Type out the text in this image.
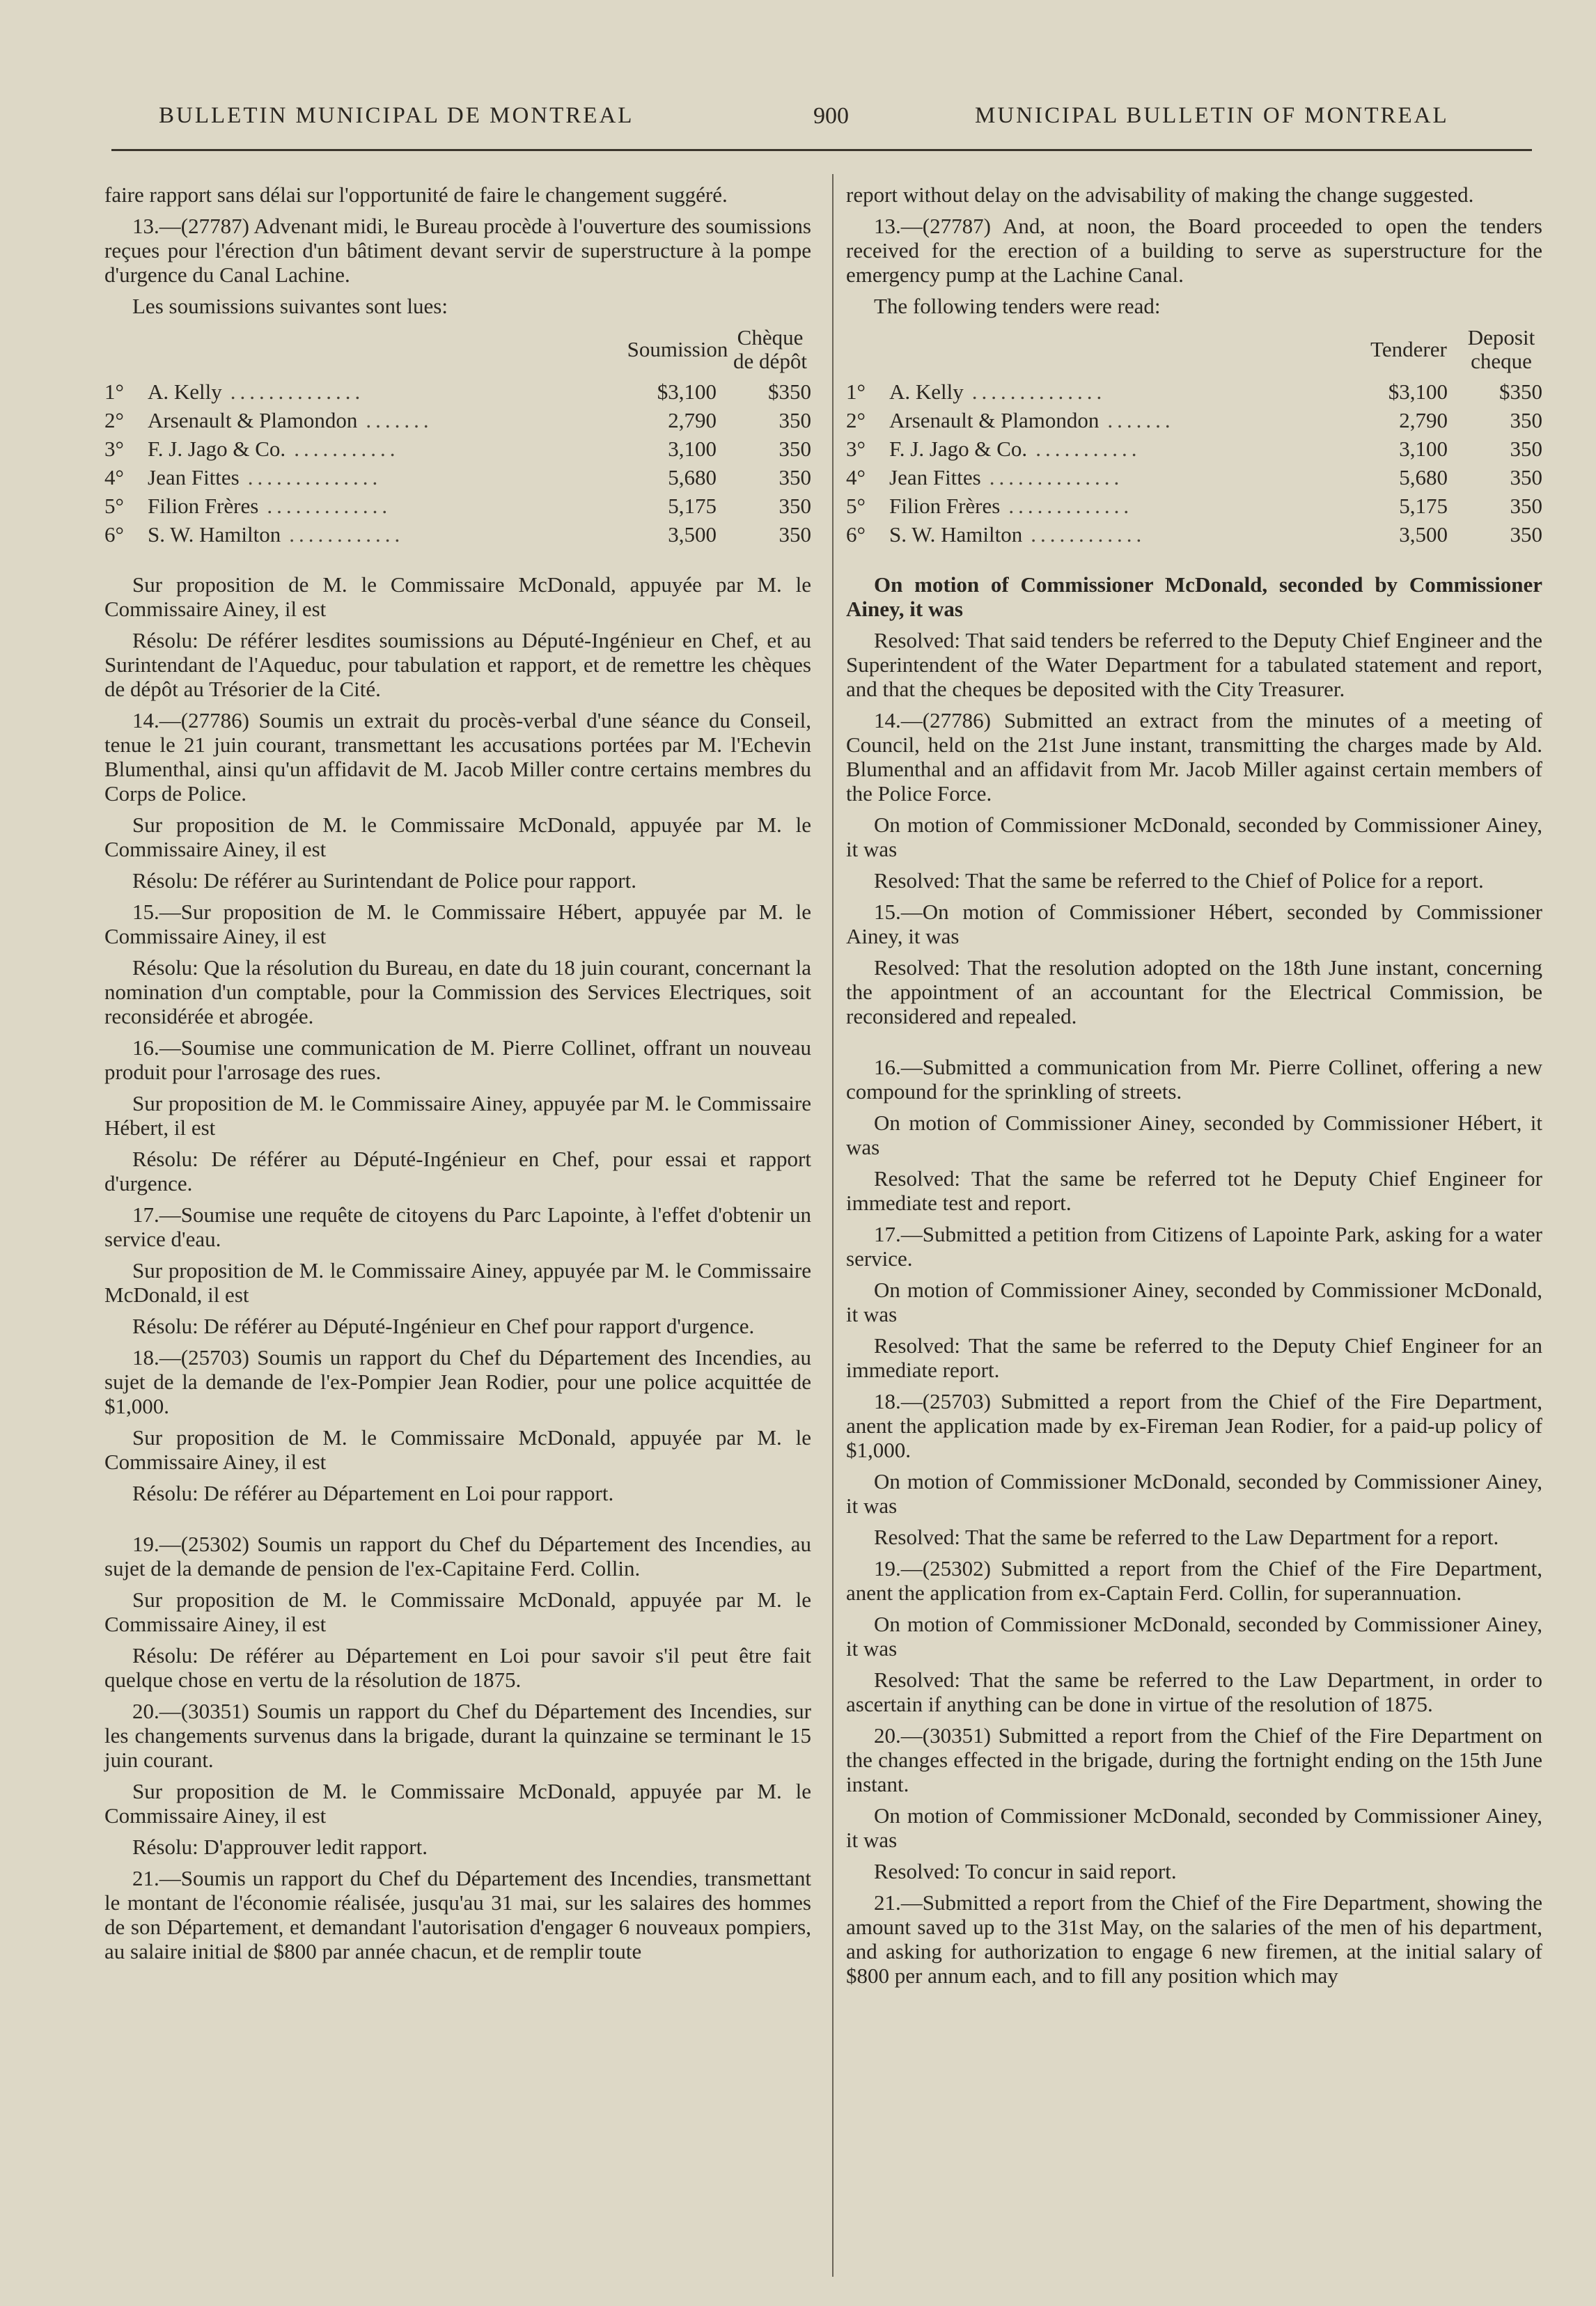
BULLETIN MUNICIPAL DE MONTREAL	900	MUNICIPAL BULLETIN OF MONTREAL

faire rapport sans délai sur l'opportunité de faire le changement suggéré.

13.—(27787) Advenant midi, le Bureau procède à l'ouverture des soumissions reçues pour l'érection d'un bâtiment devant servir de superstructure à la pompe d'urgence du Canal Lachine.

Les soumissions suivantes sont lues:

		Soumission	Chèque de dépôt
1°	A. Kelly ..............	$3,100	$350
2°	Arsenault & Plamondon .......	2,790	350
3°	F. J. Jago & Co. ...........	3,100	350
4°	Jean Fittes ..............	5,680	350
5°	Filion Frères .............	5,175	350
6°	S. W. Hamilton ............	3,500	350

Sur proposition de M. le Commissaire McDonald, appuyée par M. le Commissaire Ainey, il est

Résolu: De référer lesdites soumissions au Député-Ingénieur en Chef, et au Surintendant de l'Aqueduc, pour tabulation et rapport, et de remettre les chèques de dépôt au Trésorier de la Cité.

14.—(27786) Soumis un extrait du procès-verbal d'une séance du Conseil, tenue le 21 juin courant, transmettant les accusations portées par M. l'Echevin Blumenthal, ainsi qu'un affidavit de M. Jacob Miller contre certains membres du Corps de Police.

Sur proposition de M. le Commissaire McDonald, appuyée par M. le Commissaire Ainey, il est

Résolu: De référer au Surintendant de Police pour rapport.

15.—Sur proposition de M. le Commissaire Hébert, appuyée par M. le Commissaire Ainey, il est

Résolu: Que la résolution du Bureau, en date du 18 juin courant, concernant la nomination d'un comptable, pour la Commission des Services Electriques, soit reconsidérée et abrogée.

16.—Soumise une communication de M. Pierre Collinet, offrant un nouveau produit pour l'arrosage des rues.

Sur proposition de M. le Commissaire Ainey, appuyée par M. le Commissaire Hébert, il est

Résolu: De référer au Député-Ingénieur en Chef, pour essai et rapport d'urgence.

17.—Soumise une requête de citoyens du Parc Lapointe, à l'effet d'obtenir un service d'eau.

Sur proposition de M. le Commissaire Ainey, appuyée par M. le Commissaire McDonald, il est

Résolu: De référer au Député-Ingénieur en Chef pour rapport d'urgence.

18.—(25703) Soumis un rapport du Chef du Département des Incendies, au sujet de la demande de l'ex-Pompier Jean Rodier, pour une police acquittée de $1,000.

Sur proposition de M. le Commissaire McDonald, appuyée par M. le Commissaire Ainey, il est

Résolu: De référer au Département en Loi pour rapport.

19.—(25302) Soumis un rapport du Chef du Département des Incendies, au sujet de la demande de pension de l'ex-Capitaine Ferd. Collin.

Sur proposition de M. le Commissaire McDonald, appuyée par M. le Commissaire Ainey, il est

Résolu: De référer au Département en Loi pour savoir s'il peut être fait quelque chose en vertu de la résolution de 1875.

20.—(30351) Soumis un rapport du Chef du Département des Incendies, sur les changements survenus dans la brigade, durant la quinzaine se terminant le 15 juin courant.

Sur proposition de M. le Commissaire McDonald, appuyée par M. le Commissaire Ainey, il est

Résolu: D'approuver ledit rapport.

21.—Soumis un rapport du Chef du Département des Incendies, transmettant le montant de l'économie réalisée, jusqu'au 31 mai, sur les salaires des hommes de son Département, et demandant l'autorisation d'engager 6 nouveaux pompiers, au salaire initial de $800 par année chacun, et de remplir toute

report without delay on the advisability of making the change suggested.

13.—(27787) And, at noon, the Board proceeded to open the tenders received for the erection of a building to serve as superstructure for the emergency pump at the Lachine Canal.

The following tenders were read:

		Tenderer	Deposit cheque
1°	A. Kelly ..............	$3,100	$350
2°	Arsenault & Plamondon .......	2,790	350
3°	F. J. Jago & Co. ...........	3,100	350
4°	Jean Fittes ..............	5,680	350
5°	Filion Frères .............	5,175	350
6°	S. W. Hamilton ............	3,500	350

On motion of Commissioner McDonald, seconded by Commissioner Ainey, it was

Resolved: That said tenders be referred to the Deputy Chief Engineer and the Superintendent of the Water Department for a tabulated statement and report, and that the cheques be deposited with the City Treasurer.

14.—(27786) Submitted an extract from the minutes of a meeting of Council, held on the 21st June instant, transmitting the charges made by Ald. Blumenthal and an affidavit from Mr. Jacob Miller against certain members of the Police Force.

On motion of Commissioner McDonald, seconded by Commissioner Ainey, it was

Resolved: That the same be referred to the Chief of Police for a report.

15.—On motion of Commissioner Hébert, seconded by Commissioner Ainey, it was

Resolved: That the resolution adopted on the 18th June instant, concerning the appointment of an accountant for the Electrical Commission, be reconsidered and repealed.

16.—Submitted a communication from Mr. Pierre Collinet, offering a new compound for the sprinkling of streets.

On motion of Commissioner Ainey, seconded by Commissioner Hébert, it was

Resolved: That the same be referred tot he Deputy Chief Engineer for immediate test and report.

17.—Submitted a petition from Citizens of Lapointe Park, asking for a water service.

On motion of Commissioner Ainey, seconded by Commissioner McDonald, it was

Resolved: That the same be referred to the Deputy Chief Engineer for an immediate report.

18.—(25703) Submitted a report from the Chief of the Fire Department, anent the application made by ex-Fireman Jean Rodier, for a paid-up policy of $1,000.

On motion of Commissioner McDonald, seconded by Commissioner Ainey, it was

Resolved: That the same be referred to the Law Department for a report.

19.—(25302) Submitted a report from the Chief of the Fire Department, anent the application from ex-Captain Ferd. Collin, for superannuation.

On motion of Commissioner McDonald, seconded by Commissioner Ainey, it was

Resolved: That the same be referred to the Law Department, in order to ascertain if anything can be done in virtue of the resolution of 1875.

20.—(30351) Submitted a report from the Chief of the Fire Department on the changes effected in the brigade, during the fortnight ending on the 15th June instant.

On motion of Commissioner McDonald, seconded by Commissioner Ainey, it was

Resolved: To concur in said report.

21.—Submitted a report from the Chief of the Fire Department, showing the amount saved up to the 31st May, on the salaries of the men of his department, and asking for authorization to engage 6 new firemen, at the initial salary of $800 per annum each, and to fill any position which may
